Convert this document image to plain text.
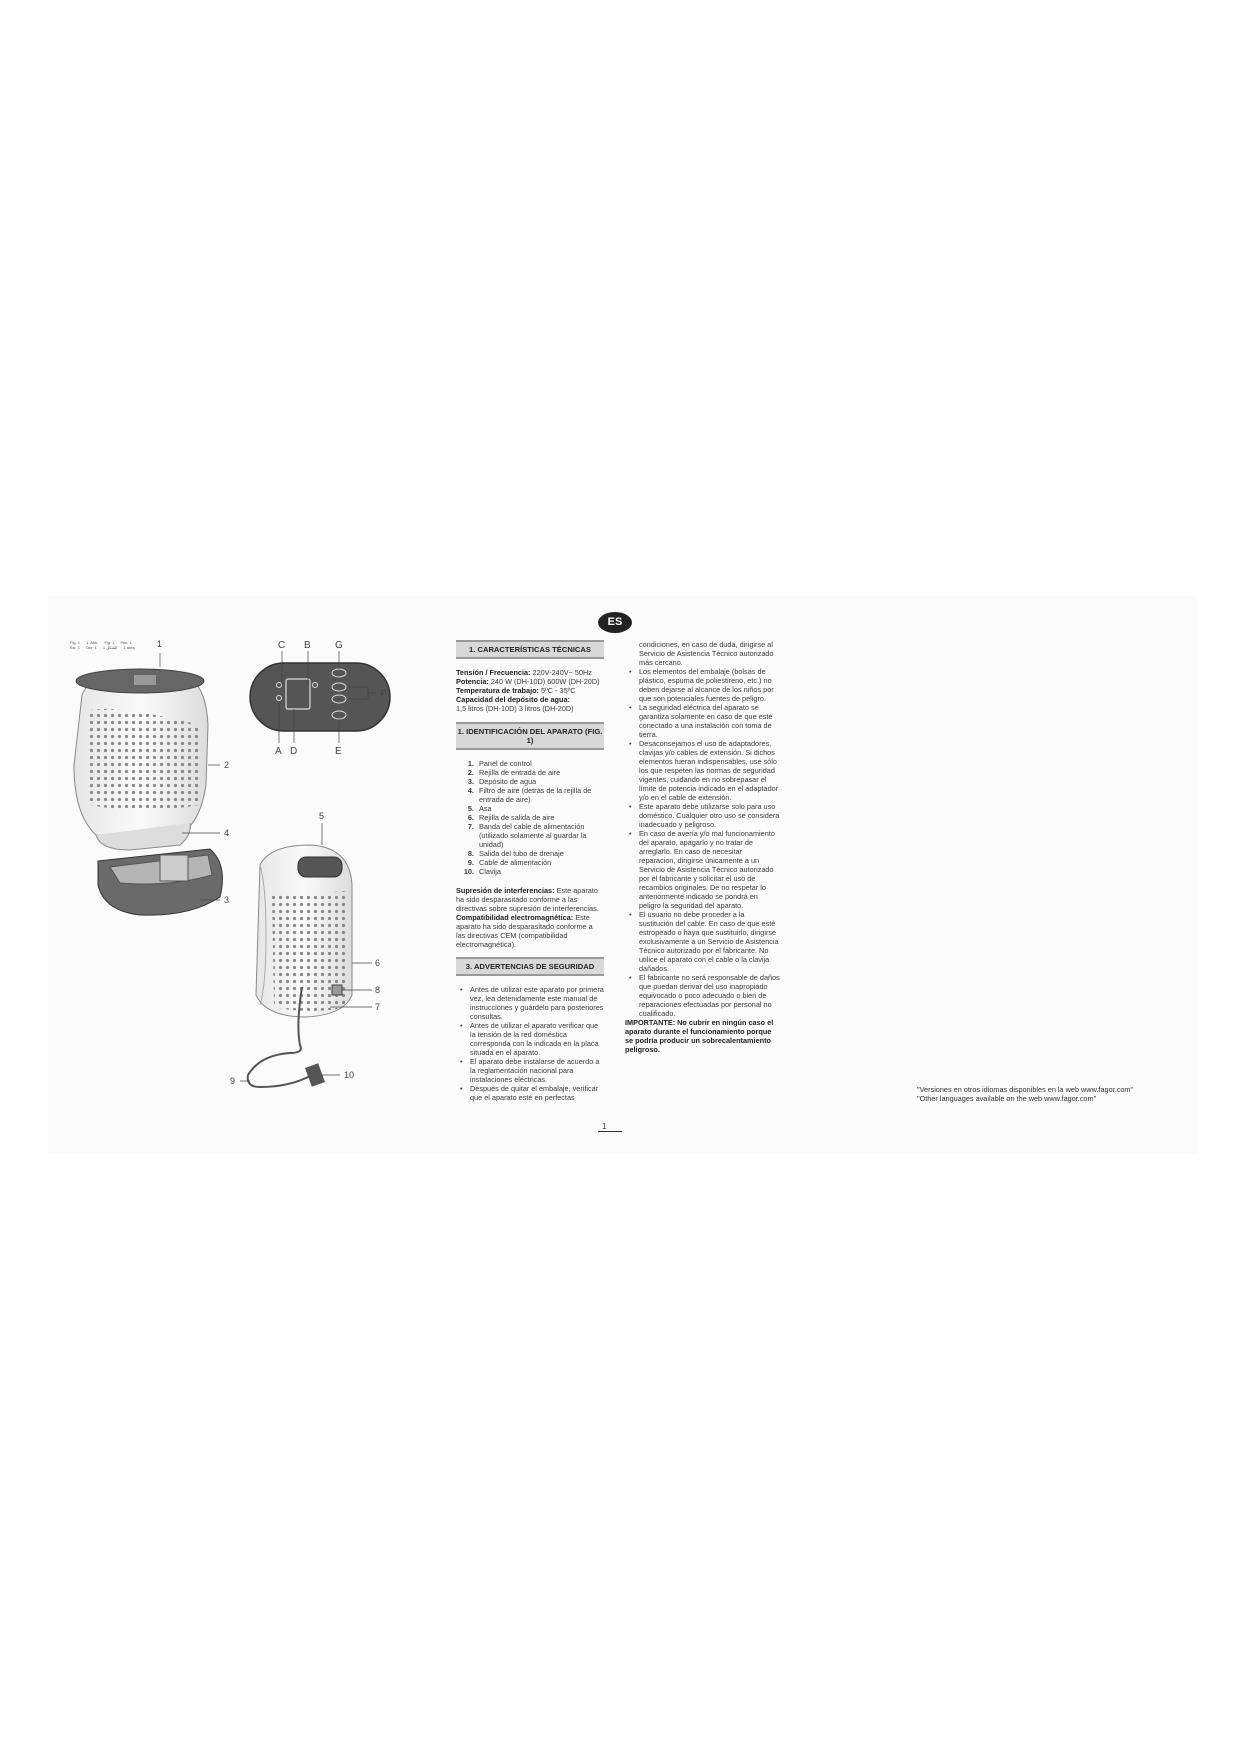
Fig. 1 1. Abb. Fig. 1 Рис. 1
Εικ. 1 Obr. 1 الشكل 1 1 ábra	C B G
F
A D	E
1
2
4
3
5
6
8
7
10
9
ES
1. CARACTERÍSTICAS TÉCNICAS

Tensión / Frecuencia: 220V-240V~ 50Hz

Potencia: 240 W (DH-10D) 600W (DH-20D)

Temperatura de trabajo: 5ºC - 35ºC

Capacidad del depósito de agua:

1,5 litros (DH-10D) 3 litros (DH-20D)

1. IDENTIFICACIÓN DEL APARATO (FIG. 1)
1. Panel de control
2. Rejilla de entrada de aire
3. Depósito de agua
4. Filtro de aire (detrás de la rejilla de entrada de aire)
5. Asa
6. Rejilla de salida de aire
7. Banda del cable de alimentación (utilizado solamente al guardar la unidad)
8. Salida del tubo de drenaje
9. Cable de alimentación
10. Clavija

Supresión de interferencias: Este aparato ha sido desparasitado conforme a las directivas sobre supresión de interferencias. Compatibilidad electromagnética: Este aparato ha sido desparasitado conforme a las directivas CEM (compatibilidad electromagnética).

3. ADVERTENCIAS DE SEGURIDAD
• Antes de utilizar este aparato por primera vez, lea detenidamente este manual de instrucciones y guárdelo para posteriores consultas.
• Antes de utilizar el aparato verificar que la tensión de la red doméstica corresponda con la indicada en la placa situada en el aparato.
• El aparato debe instalarse de acuerdo a la reglamentación nacional para instalaciones eléctricas.
• Después de quitar el embalaje, verificar que el aparato esté en perfectas

condiciones, en caso de duda, dirigirse al Servicio de Asistencia Técnico autorizado más cercano.

• Los elementos del embalaje (bolsas de plástico, espuma de poliestireno, etc.) no deben dejarse al alcance de los niños por que son potenciales fuentes de peligro.
• La seguridad eléctrica del aparato se garantiza solamente en caso de que esté conectado a una instalación con toma de tierra.
• Desaconsejamos el uso de adaptadores, clavijas y/o cables de extensión. Si dichos elementos fueran indispensables, use sólo los que respeten las normas de seguridad vigentes, cuidando en no sobrepasar el límite de potencia indicado en el adaptador y/o en el cable de extensión.
• Este aparato debe utilizarse solo para uso doméstico. Cualquier otro uso se considera inadecuado y peligroso.
• En caso de avería y/o mal funcionamiento del aparato, apagarlo y no tratar de arreglarlo. En caso de necesitar reparacion, dirigirse únicamente a un Servicio de Asistencia Técnico autorizado por el fabricante y solicitar el uso de recambios originales. De no respetar lo anteriormente indicado se pondrá en peligro la seguridad del aparato.
• El usuario no debe proceder a la sustitución del cable. En caso de que esté estropeado o haya que sustituirlo, dirigirse exclusivamente a un Servicio de Asistencia Técnico autorizado por el fabricante. No utilice el aparato con el cable o la clavija dañados.
• El fabricante no será responsable de daños que puedan derivar del uso inapropiado equivocado o poco adecuado o bien de reparaciones efectuadas por personal no cualificado.

IMPORTANTE: No cubrir en ningún caso el aparato durante el funcionamiento porque se podría producir un sobrecalentamiento peligroso.

"Versiones en otros idiomas disponibles en la web www.fagor.com"
"Other languages available on the web www.fagor.com"
1
